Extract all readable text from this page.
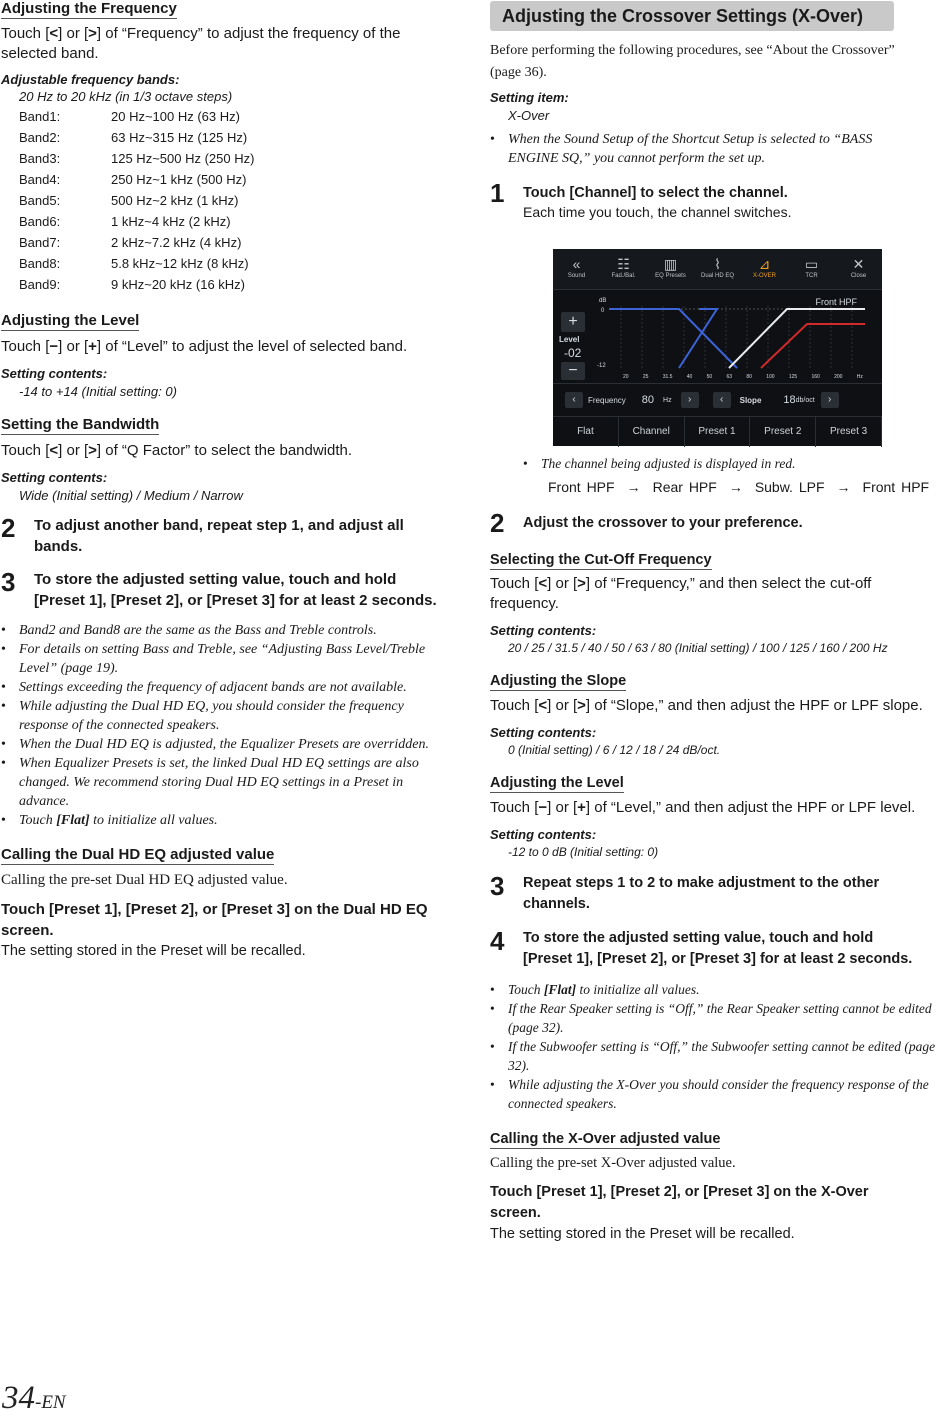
Adjusting the Frequency
Touch [<] or [>] of “Frequency” to adjust the frequency of the
selected band.
Adjustable frequency bands:
20 Hz to 20 kHz (in 1/3 octave steps)
Band1:	20 Hz~100 Hz (63 Hz)
Band2:	63 Hz~315 Hz (125 Hz)
Band3:	125 Hz~500 Hz (250 Hz)
Band4:	250 Hz~1 kHz (500 Hz)
Band5:	500 Hz~2 kHz (1 kHz)
Band6:	1 kHz~4 kHz (2 kHz)
Band7:	2 kHz~7.2 kHz (4 kHz)
Band8:	5.8 kHz~12 kHz (8 kHz)
Band9:	9 kHz~20 kHz (16 kHz)
Adjusting the Level
Touch [−] or [+] of “Level” to adjust the level of selected band.
Setting contents:
-14 to +14 (Initial setting: 0)
Setting the Bandwidth
Touch [<] or [>] of “Q Factor” to select the bandwidth.
Setting contents:
Wide (Initial setting) / Medium / Narrow
2	To adjust another band, repeat step 1, and adjust all
bands.
3	To store the adjusted setting value, touch and hold
[Preset 1], [Preset 2], or [Preset 3] for at least 2 seconds.
• Band2 and Band8 are the same as the Bass and Treble controls.
• For details on setting Bass and Treble, see “Adjusting Bass Level/Treble Level” (page 19).
• Settings exceeding the frequency of adjacent bands are not available.
• While adjusting the Dual HD EQ, you should consider the frequency response of the connected speakers.
• When the Dual HD EQ is adjusted, the Equalizer Presets are overridden.
• When Equalizer Presets is set, the linked Dual HD EQ settings are also changed. We recommend storing Dual HD EQ settings in a Preset in advance.
• Touch [Flat] to initialize all values.
Calling the Dual HD EQ adjusted value
Calling the pre-set Dual HD EQ adjusted value.
Touch [Preset 1], [Preset 2], or [Preset 3] on the Dual HD EQ
screen.
The setting stored in the Preset will be recalled.
Adjusting the Crossover Settings (X-Over)
Before performing the following procedures, see “About the Crossover”
(page 36).
Setting item:
X-Over
• When the Sound Setup of the Shortcut Setup is selected to “BASS ENGINE SQ,” you cannot perform the set up.
1	Touch [Channel] to select the channel.
Each time you touch, the channel switches.
«
Sound
☷
Fad./Bal.
▥
EQ Presets
⌇
Dual HD EQ
⊿
X-OVER
▭
TCR
✕
Close
+
Level
-02
−
dB
0
-12
Front HPF
20	25	31.5	40	50	63	80	100	125	160	200	Hz
‹	Frequency 80 Hz	›	‹	Slope 18 db/oct	›
Flat	Channel	Preset 1	Preset 2	Preset 3
• The channel being adjusted is displayed in red.
Front HPF → Rear HPF → Subw. LPF → Front HPF
2	Adjust the crossover to your preference.
Selecting the Cut-Off Frequency
Touch [<] or [>] of “Frequency,” and then select the cut-off
frequency.
Setting contents:
20 / 25 / 31.5 / 40 / 50 / 63 / 80 (Initial setting) / 100 / 125 / 160 / 200 Hz
Adjusting the Slope
Touch [<] or [>] of “Slope,” and then adjust the HPF or LPF slope.
Setting contents:
0 (Initial setting) / 6 / 12 / 18 / 24 dB/oct.
Adjusting the Level
Touch [−] or [+] of “Level,” and then adjust the HPF or LPF level.
Setting contents:
-12 to 0 dB (Initial setting: 0)
3	Repeat steps 1 to 2 to make adjustment to the other
channels.
4	To store the adjusted setting value, touch and hold
[Preset 1], [Preset 2], or [Preset 3] for at least 2 seconds.
• Touch [Flat] to initialize all values.
• If the Rear Speaker setting is “Off,” the Rear Speaker setting cannot be edited (page 32).
• If the Subwoofer setting is “Off,” the Subwoofer setting cannot be edited (page 32).
• While adjusting the X-Over you should consider the frequency response of the connected speakers.
Calling the X-Over adjusted value
Calling the pre-set X-Over adjusted value.
Touch [Preset 1], [Preset 2], or [Preset 3] on the X-Over
screen.
The setting stored in the Preset will be recalled.
34-EN
